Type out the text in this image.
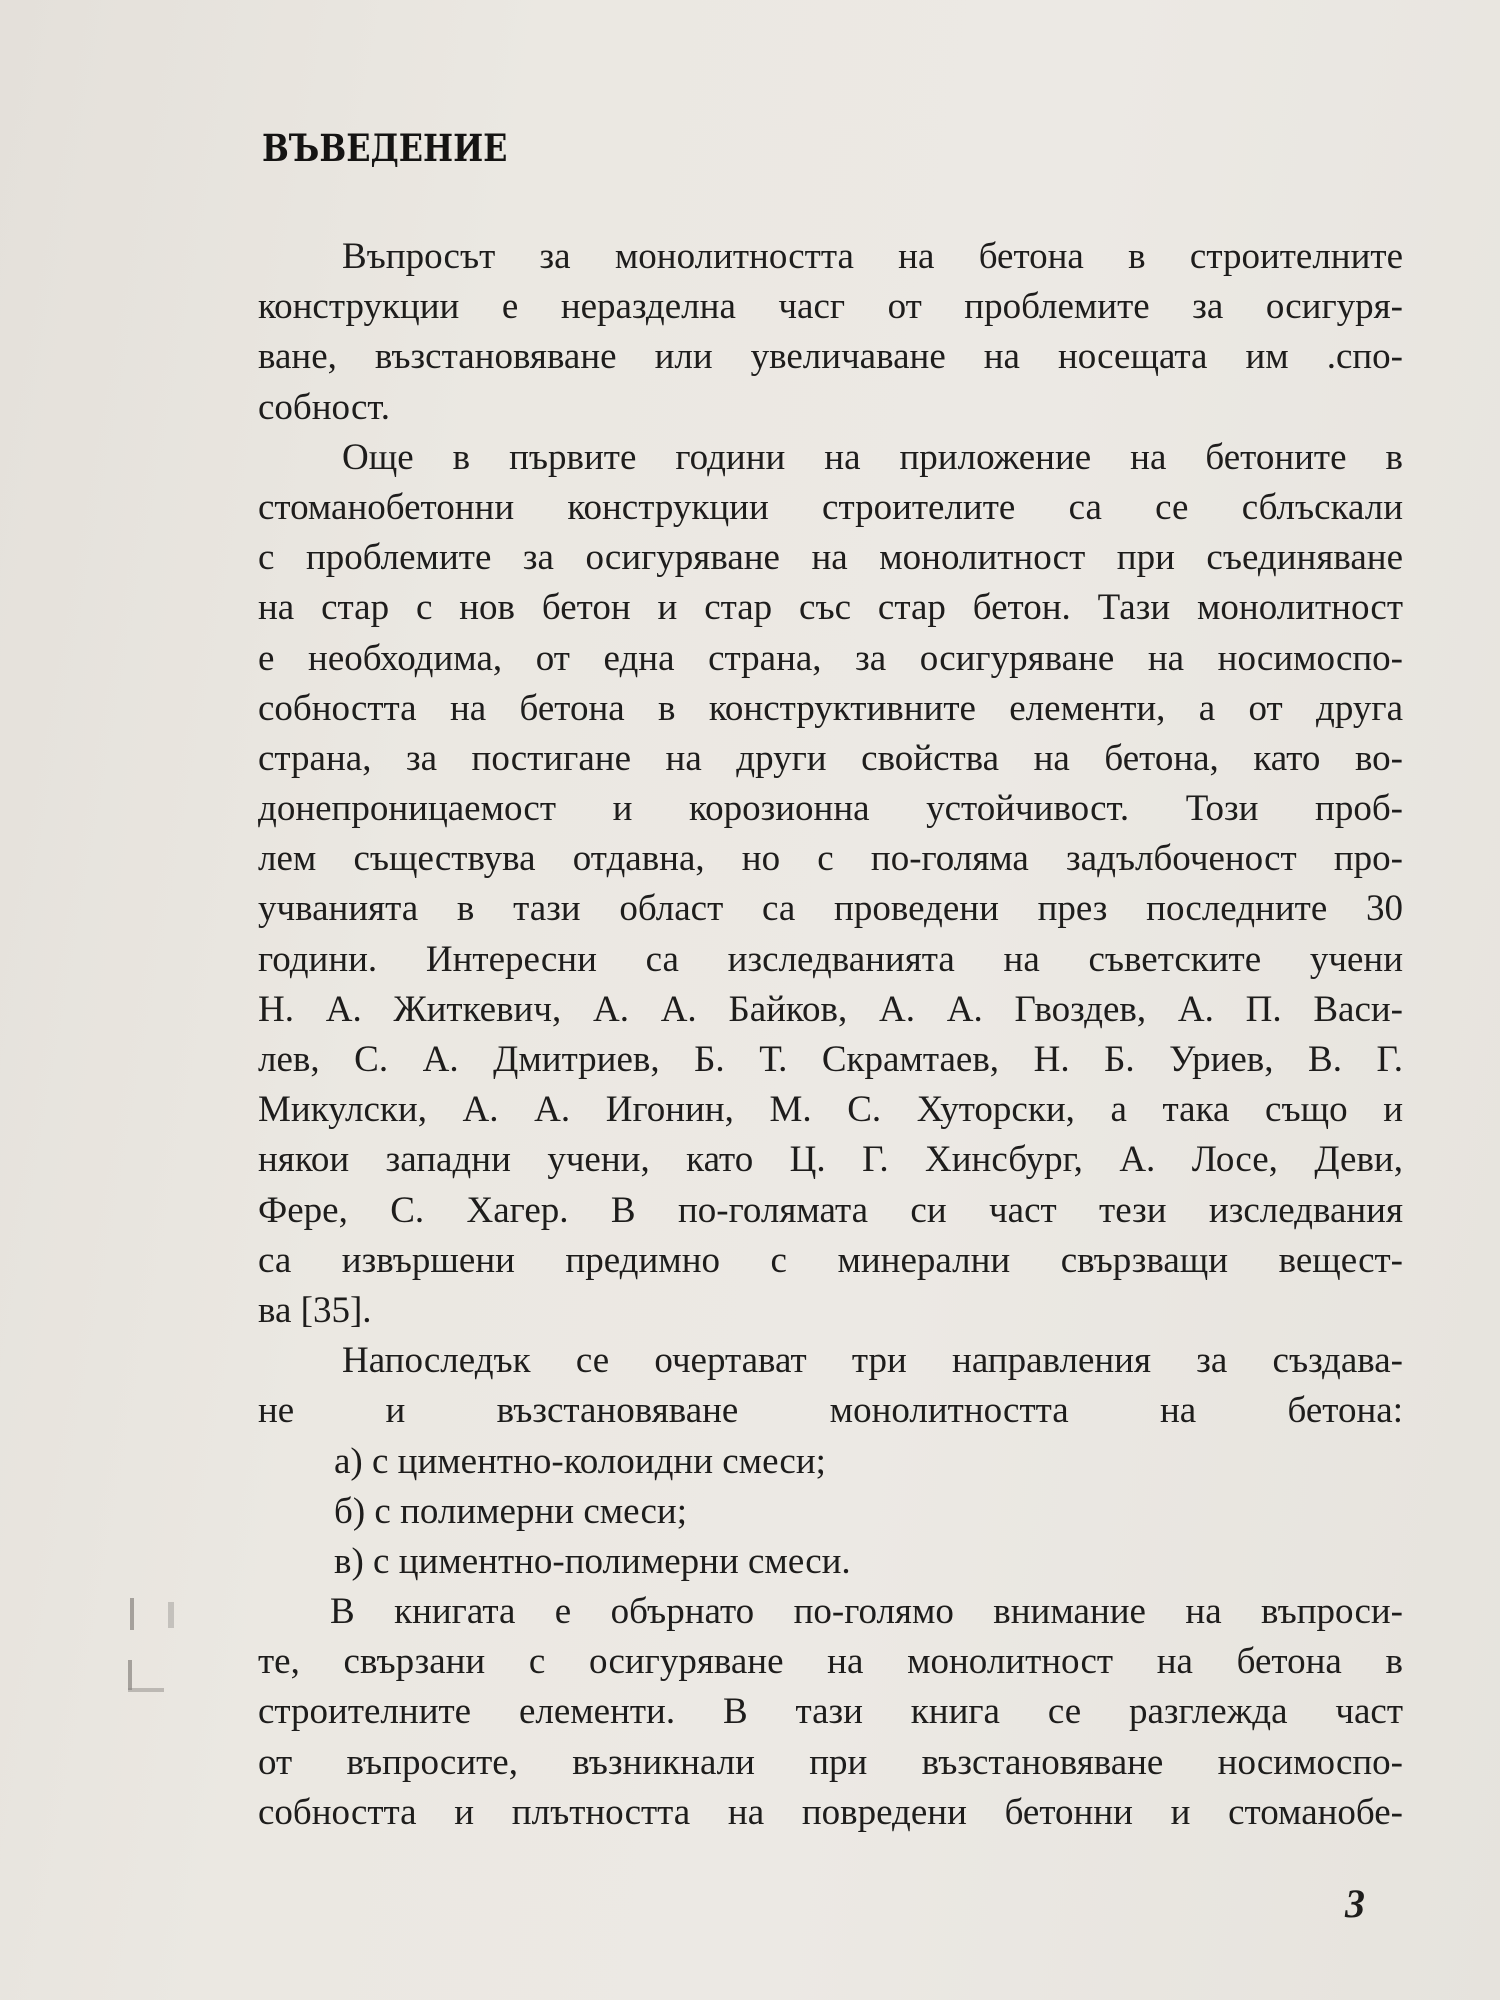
ВЪВЕДЕНИЕ
Въпросът за монолитността на бетона в строителните
конструкции е неразделна часг от проблемите за осигуря-
ване, възстановяване или увеличаване на носещата им .спо-
собност.
Още в първите години на приложение на бетоните в
стоманобетонни конструкции строителите са се сблъскали
с проблемите за осигуряване на монолитност при съединяване
на стар с нов бетон и стар със стар бетон. Тази монолитност
е необходима, от една страна, за осигуряване на носимоспо-
собността на бетона в конструктивните елементи, а от друга
страна, за постигане на други свойства на бетона, като во-
донепроницаемост и корозионна устойчивост. Този проб-
лем съществува отдавна, но с по-голяма задълбоченост про-
учванията в тази област са проведени през последните 30
години. Интересни са изследванията на съветските учени
Н. А. Житкевич, А. А. Байков, А. А. Гвоздев, А. П. Васи-
лев, С. А. Дмитриев, Б. Т. Скрамтаев, Н. Б. Уриев, В. Г.
Микулски, А. А. Игонин, М. С. Хуторски, а така също и
някои западни учени, като Ц. Г. Хинсбург, А. Лосе, Деви,
Фере, С. Хагер. В по-голямата си част тези изследвания
са извършени предимно с минерални свързващи вещест-
ва [35].
Напоследък се очертават три направления за създава-
не и възстановяване монолитността на бетона:
а) с циментно-колоидни смеси;
б) с полимерни смеси;
в) с циментно-полимерни смеси.
В книгата е обърнато по-голямо внимание на въпроси-
те, свързани с осигуряване на монолитност на бетона в
строителните елементи. В тази книга се разглежда част
от въпросите, възникнали при възстановяване носимоспо-
собността и плътността на повредени бетонни и стоманобе-
3
